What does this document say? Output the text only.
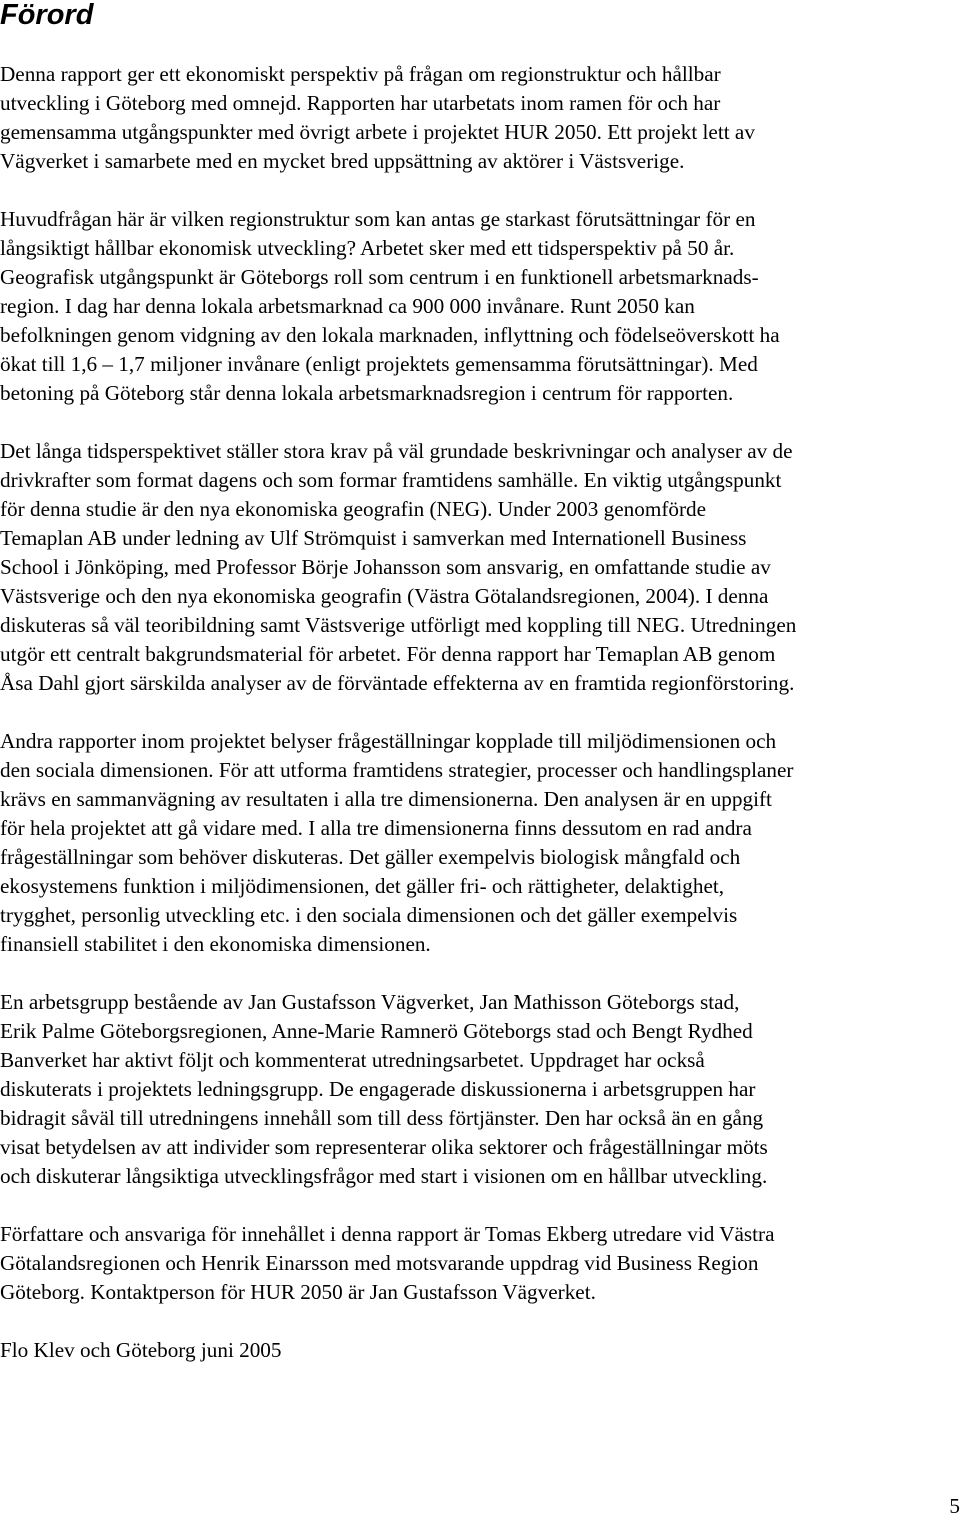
Förord

Denna rapport ger ett ekonomiskt perspektiv på frågan om regionstruktur och hållbar
utveckling i Göteborg med omnejd. Rapporten har utarbetats inom ramen för och har
gemensamma utgångspunkter med övrigt arbete i projektet HUR 2050. Ett projekt lett av
Vägverket i samarbete med en mycket bred uppsättning av aktörer i Västsverige.

Huvudfrågan här är vilken regionstruktur som kan antas ge starkast förutsättningar för en
långsiktigt hållbar ekonomisk utveckling? Arbetet sker med ett tidsperspektiv på 50 år.
Geografisk utgångspunkt är Göteborgs roll som centrum i en funktionell arbetsmarknads-
region. I dag har denna lokala arbetsmarknad ca 900 000 invånare. Runt 2050 kan
befolkningen genom vidgning av den lokala marknaden, inflyttning och födelseöverskott ha
ökat till 1,6 – 1,7 miljoner invånare (enligt projektets gemensamma förutsättningar). Med
betoning på Göteborg står denna lokala arbetsmarknadsregion i centrum för rapporten.

Det långa tidsperspektivet ställer stora krav på väl grundade beskrivningar och analyser av de
drivkrafter som format dagens och som formar framtidens samhälle. En viktig utgångspunkt
för denna studie är den nya ekonomiska geografin (NEG). Under 2003 genomförde
Temaplan AB under ledning av Ulf Strömquist i samverkan med Internationell Business
School i Jönköping, med Professor Börje Johansson som ansvarig, en omfattande studie av
Västsverige och den nya ekonomiska geografin (Västra Götalandsregionen, 2004). I denna
diskuteras så väl teoribildning samt Västsverige utförligt med koppling till NEG. Utredningen
utgör ett centralt bakgrundsmaterial för arbetet. För denna rapport har Temaplan AB genom
Åsa Dahl gjort särskilda analyser av de förväntade effekterna av en framtida regionförstoring.

Andra rapporter inom projektet belyser frågeställningar kopplade till miljödimensionen och
den sociala dimensionen. För att utforma framtidens strategier, processer och handlingsplaner
krävs en sammanvägning av resultaten i alla tre dimensionerna. Den analysen är en uppgift
för hela projektet att gå vidare med. I alla tre dimensionerna finns dessutom en rad andra
frågeställningar som behöver diskuteras. Det gäller exempelvis biologisk mångfald och
ekosystemens funktion i miljödimensionen, det gäller fri- och rättigheter, delaktighet,
trygghet, personlig utveckling etc. i den sociala dimensionen och det gäller exempelvis
finansiell stabilitet i den ekonomiska dimensionen.

En arbetsgrupp bestående av Jan Gustafsson Vägverket, Jan Mathisson Göteborgs stad,
Erik Palme Göteborgsregionen, Anne-Marie Ramnerö Göteborgs stad och Bengt Rydhed
Banverket har aktivt följt och kommenterat utredningsarbetet. Uppdraget har också
diskuterats i projektets ledningsgrupp. De engagerade diskussionerna i arbetsgruppen har
bidragit såväl till utredningens innehåll som till dess förtjänster. Den har också än en gång
visat betydelsen av att individer som representerar olika sektorer och frågeställningar möts
och diskuterar långsiktiga utvecklingsfrågor med start i visionen om en hållbar utveckling.

Författare och ansvariga för innehållet i denna rapport är Tomas Ekberg utredare vid Västra
Götalandsregionen och Henrik Einarsson med motsvarande uppdrag vid Business Region
Göteborg. Kontaktperson för HUR 2050 är Jan Gustafsson Vägverket.

Flo Klev och Göteborg juni 2005

5
